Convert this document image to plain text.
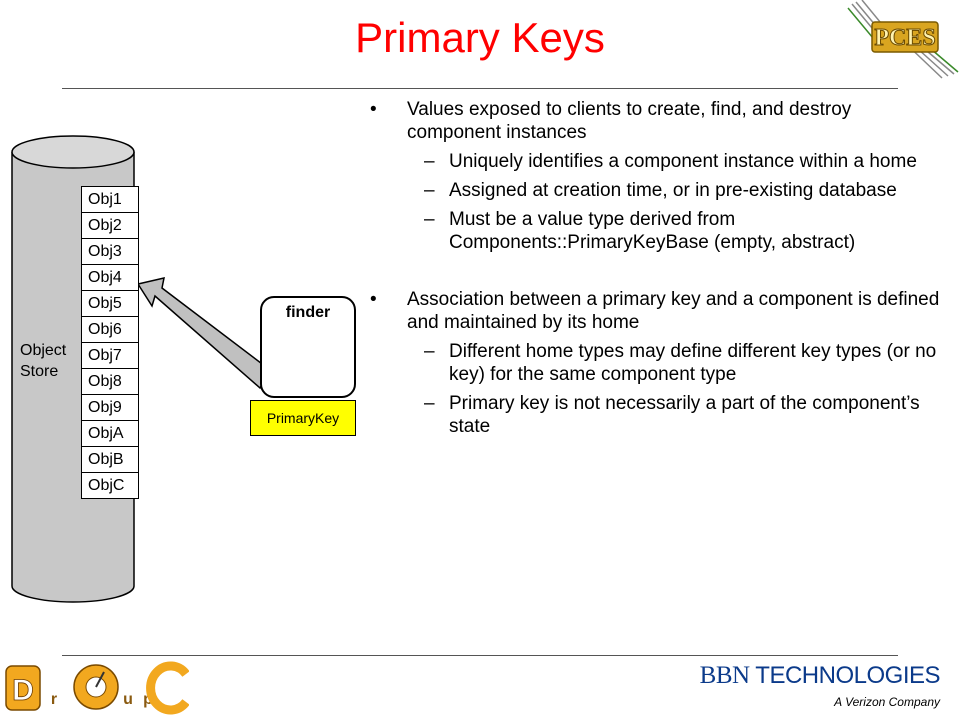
Primary Keys	PCES
Object
Store
Obj1
Obj2
Obj3
Obj4
Obj5
Obj6
Obj7
Obj8
Obj9
ObjA
ObjB
ObjC
finder
PrimaryKey
• Values exposed to clients to create, find, and destroy component instances
– Uniquely identifies a component instance within a home
– Assigned at creation time, or in pre-existing database
– Must be a value type derived from Components::PrimaryKeyBase (empty, abstract)
• Association between a primary key and a component is defined and maintained by its home
– Different home types may define different key types (or no key) for the same component type
– Primary key is not necessarily a part of the component’s state
D r	u p	C
BBN TECHNOLOGIES
A Verizon Company
